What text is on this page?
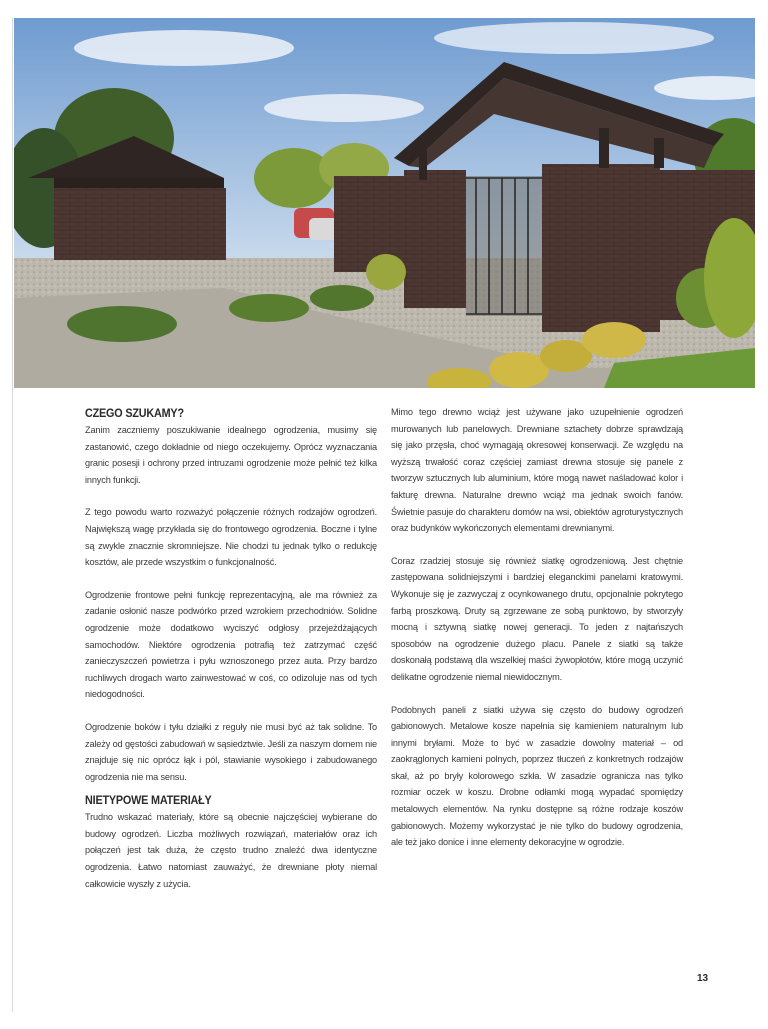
CZEGO SZUKAMY?

Zanim zaczniemy poszukiwanie idealnego ogrodzenia, musimy się zastanowić, czego dokładnie od niego oczekujemy. Oprócz wyznaczania granic posesji i ochrony przed intruzami ogrodzenie może pełnić też kilka innych funkcji.

Z tego powodu warto rozważyć połączenie różnych rodzajów ogrodzeń. Największą wagę przykłada się do frontowego ogrodzenia. Boczne i tylne są zwykle znacznie skromniejsze. Nie chodzi tu jednak tylko o redukcję kosztów, ale przede wszystkim o funkcjonalność.

Ogrodzenie frontowe pełni funkcję reprezentacyjną, ale ma również za zadanie osłonić nasze podwórko przed wzrokiem przechodniów. Solidne ogrodzenie może dodatkowo wyciszyć odgłosy przejeżdżających samochodów. Niektóre ogrodzenia potrafią też zatrzymać część zanieczyszczeń powietrza i pyłu wznoszonego przez auta. Przy bardzo ruchliwych drogach warto zainwestować w coś, co odizoluje nas od tych niedogodności.

Ogrodzenie boków i tyłu działki z reguły nie musi być aż tak solidne. To zależy od gęstości zabudowań w sąsiedztwie. Jeśli za naszym domem nie znajduje się nic oprócz łąk i pól, stawianie wysokiego i zabudowanego ogrodzenia nie ma sensu.

NIETYPOWE MATERIAŁY

Trudno wskazać materiały, które są obecnie najczęściej wybierane do budowy ogrodzeń. Liczba możliwych rozwiązań, materiałów oraz ich połączeń jest tak duża, że często trudno znaleźć dwa identyczne ogrodzenia. Łatwo natomiast zauważyć, że drewniane płoty niemal całkowicie wyszły z użycia.

Mimo tego drewno wciąż jest używane jako uzupełnienie ogrodzeń murowanych lub panelowych. Drewniane sztachety dobrze sprawdzają się jako przęsła, choć wymagają okresowej konserwacji. Ze względu na wyższą trwałość coraz częściej zamiast drewna stosuje się panele z tworzyw sztucznych lub aluminium, które mogą nawet naśladować kolor i fakturę drewna. Naturalne drewno wciąż ma jednak swoich fanów. Świetnie pasuje do charakteru domów na wsi, obiektów agroturystycznych oraz budynków wykończonych elementami drewnianymi.

Coraz rzadziej stosuje się również siatkę ogrodzeniową. Jest chętnie zastępowana solidniejszymi i bardziej eleganckimi panelami kratowymi. Wykonuje się je zazwyczaj z ocynkowanego drutu, opcjonalnie pokrytego farbą proszkową. Druty są zgrzewane ze sobą punktowo, by stworzyły mocną i sztywną siatkę nowej generacji. To jeden z najtańszych sposobów na ogrodzenie dużego placu. Panele z siatki są także doskonałą podstawą dla wszelkiej maści żywopłotów, które mogą uczynić delikatne ogrodzenie niemal niewidocznym.

Podobnych paneli z siatki używa się często do budowy ogrodzeń gabionowych. Metalowe kosze napełnia się kamieniem naturalnym lub innymi bryłami. Może to być w zasadzie dowolny materiał – od zaokrąglonych kamieni polnych, poprzez tłuczeń z konkretnych rodzajów skał, aż po bryły kolorowego szkła. W zasadzie ogranicza nas tylko rozmiar oczek w koszu. Drobne odłamki mogą wypadać spomiędzy metalowych elementów. Na rynku dostępne są różne rodzaje koszów gabionowych. Możemy wykorzystać je nie tylko do budowy ogrodzenia, ale też jako donice i inne elementy dekoracyjne w ogrodzie.

13
